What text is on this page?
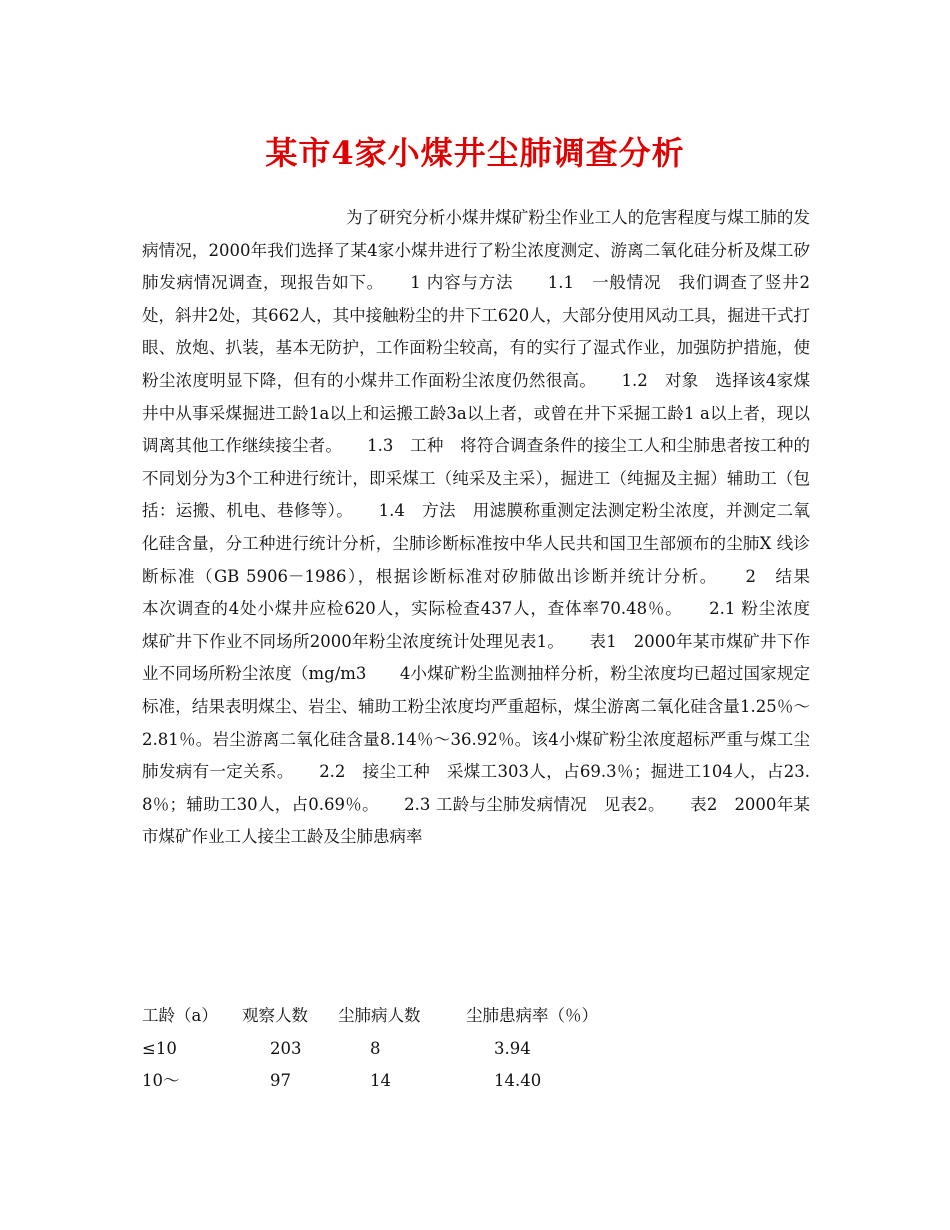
某市4家小煤井尘肺调查分析

为了研究分析小煤井煤矿粉尘作业工人的危害程度与煤工肺的发病情况，2000年我们选择了某4家小煤井进行了粉尘浓度测定、游离二氧化硅分析及煤工矽肺发病情况调查，现报告如下。　　1 内容与方法　　1.1　一般情况　我们调查了竖井2处，斜井2处，其662人，其中接触粉尘的井下工620人，大部分使用风动工具，掘进干式打眼、放炮、扒装，基本无防护，工作面粉尘较高，有的实行了湿式作业，加强防护措施，使粉尘浓度明显下降，但有的小煤井工作面粉尘浓度仍然很高。　　1.2　对象　选择该4家煤井中从事采煤掘进工龄1a以上和运搬工龄3a以上者，或曾在井下采掘工龄1 a以上者，现以调离其他工作继续接尘者。　　1.3　工种　将符合调查条件的接尘工人和尘肺患者按工种的不同划分为3个工种进行统计，即采煤工（纯采及主采），掘进工（纯掘及主掘）辅助工（包括：运搬、机电、巷修等）。　　1.4　方法　用滤膜称重测定法测定粉尘浓度，并测定二氧化硅含量，分工种进行统计分析，尘肺诊断标准按中华人民共和国卫生部颁布的尘肺X 线诊断标准（GB 5906－1986），根据诊断标准对矽肺做出诊断并统计分析。　　2　结果　　本次调查的4处小煤井应检620人，实际检查437人，查体率70.48％。　　2.1 粉尘浓度　煤矿井下作业不同场所2000年粉尘浓度统计处理见表1。　　表1　2000年某市煤矿井下作业不同场所粉尘浓度（mg/m3　　4小煤矿粉尘监测抽样分析，粉尘浓度均已超过国家规定标准，结果表明煤尘、岩尘、辅助工粉尘浓度均严重超标，煤尘游离二氧化硅含量1.25％～2.81％。岩尘游离二氧化硅含量8.14％～36.92％。该4小煤矿粉尘浓度超标严重与煤工尘肺发病有一定关系。　　2.2　接尘工种　采煤工303人，占69.3％；掘进工104人，占23.8％；辅助工30人，占0.69％。　　2.3 工龄与尘肺发病情况　见表2。　　表2　2000年某市煤矿作业工人接尘工龄及尘肺患病率

工龄（a） 观察人数 尘肺病人数	尘肺患病率（％）
≤10	203	8	3.94
10～	97	14	14.40
